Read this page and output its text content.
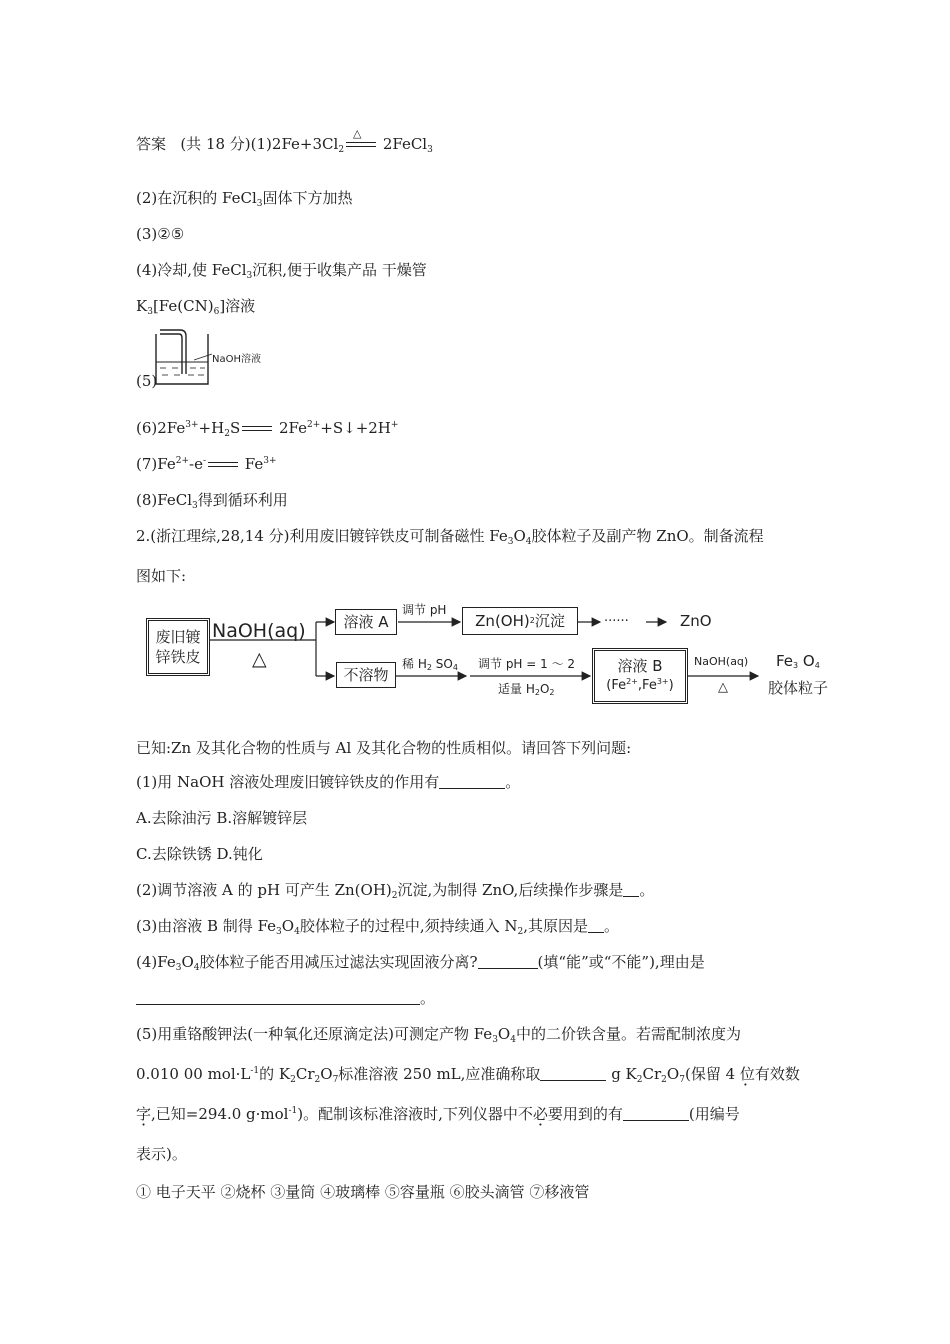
答案 (共 18 分)$(1)2Fe+3Cl_2$
△
2FeCl$_3$
(2)在沉积的 FeCl$_3$固体下方加热
(3)②⑤
(4)冷却,使 FeCl$_3$沉积,便于收集产品 干燥管
$K_3[Fe(CN)_6]$溶液
NaOH溶液
(5)
$(6)2Fe^{3+}+H_2S$ $2Fe^{2+}+S↓+2H^+$
$(7)Fe^{2+}-e^-$ $Fe^{3+}$
(8)FeCl$_3$得到循环利用
2.(浙江理综,28,14 分)利用废旧镀锌铁皮可制备磁性 $Fe_3O_4$胶体粒子及副产物 ZnO。制备流程
图如下:
废旧镀
锌铁皮
NaOH(aq)
△
溶液 A
调节 pH
Zn(OH) 2 沉淀	······	ZnO
不溶物
稀 $H_2$ $SO_4$ 调节 pH = 1 ～ 2
适量 $H_2O_2$
溶液 B
$(Fe^{2+},Fe^{3+})$
NaOH(aq)
△
$Fe_3$ $O_4$
胶体粒子
已知:Zn 及其化合物的性质与 Al 及其化合物的性质相似。请回答下列问题:
(1)用 NaOH 溶液处理废旧镀锌铁皮的作用有	。
A.去除油污 B.溶解镀锌层
C.去除铁锈 D.钝化
(2)调节溶液 A 的 pH 可产生 $Zn(OH)_2$沉淀,为制得 ZnO,后续操作步骤是 。
(3)由溶液 B 制得 $Fe_3O_4$胶体粒子的过程中,须持续通入 $N_2$,其原因是 。
$(4)Fe_3O_4$胶体粒子能否用减压过滤法实现固液分离?	(填“能”或“不能”),理由是
。
(5)用重铬酸钾法(一种氧化还原滴定法)可测定产物 $Fe_3O_4$中的二价铁含量。若需配制浓度为
0.010 00 $mol\cdot L^{-1}$的 $K_2Cr_2O_7$标准溶液 250 mL,应准确称取	g $K_2Cr_2O_7$(保留 4 位有效数 ·
字,已知=294.0 g·mol$^{-1}$)。配制该标准溶液时,下列仪器中不必要用到的有	(用编号
表示)。
① 电子天平 ②烧杯 ③量筒 ④玻璃棒 ⑤容量瓶 ⑥胶头滴管 ⑦移液管
